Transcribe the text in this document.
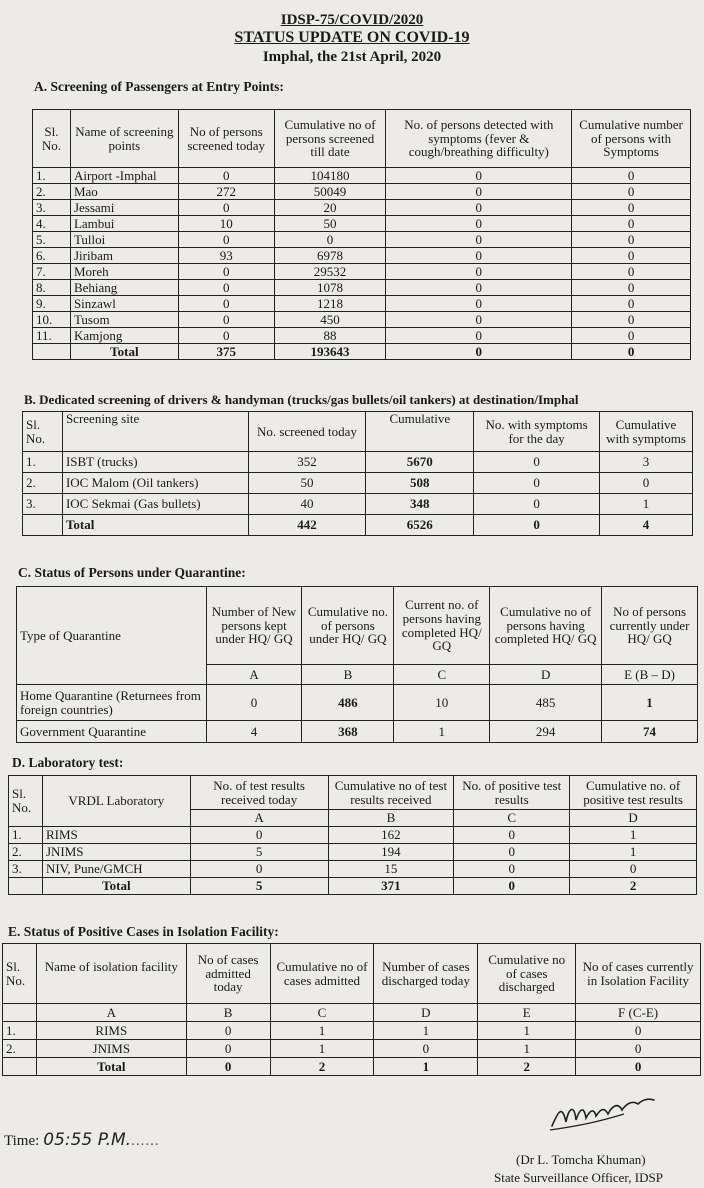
IDSP-75/COVID/2020
STATUS UPDATE ON COVID-19
Imphal, the 21st April, 2020
A. Screening of Passengers at Entry Points:
Sl. No.	Name of screening points	No of persons screened today	Cumulative no of persons screened till date	No. of persons detected with symptoms (fever & cough/breathing difficulty)	Cumulative number of persons with Symptoms
1.	Airport -Imphal	0	104180	0	0
2.	Mao	272	50049	0	0
3.	Jessami	0	20	0	0
4.	Lambui	10	50	0	0
5.	Tulloi	0	0	0	0
6.	Jiribam	93	6978	0	0
7.	Moreh	0	29532	0	0
8.	Behiang	0	1078	0	0
9.	Sinzawl	0	1218	0	0
10.	Tusom	0	450	0	0
11.	Kamjong	0	88	0	0
	Total	375	193643	0	0
B. Dedicated screening of drivers & handyman (trucks/gas bullets/oil tankers) at destination/Imphal
Sl. No.	Screening site	No. screened today	Cumulative	No. with symptoms for the day	Cumulative with symptoms
1.	ISBT (trucks)	352	5670	0	3
2.	IOC Malom (Oil tankers)	50	508	0	0
3.	IOC Sekmai (Gas bullets)	40	348	0	1
	Total	442	6526	0	4
C. Status of Persons under Quarantine:
Type of Quarantine	Number of New persons kept under HQ/ GQ	Cumulative no. of persons under HQ/ GQ	Current no. of persons having completed HQ/ GQ	Cumulative no of persons having completed HQ/ GQ	No of persons currently under HQ/ GQ
	A	B	C	D	E (B – D)
Home Quarantine (Returnees from foreign countries)	0	486	10	485	1
Government Quarantine	4	368	1	294	74
D. Laboratory test:
Sl. No.	VRDL Laboratory	No. of test results received today	Cumulative no of test results received	No. of positive test results	Cumulative no. of positive test results
		A	B	C	D
1.	RIMS	0	162	0	1
2.	JNIMS	5	194	0	1
3.	NIV, Pune/GMCH	0	15	0	0
	Total	5	371	0	2
E. Status of Positive Cases in Isolation Facility:
Sl. No.	Name of isolation facility	No of cases admitted today	Cumulative no of cases admitted	Number of cases discharged today	Cumulative no of cases discharged	No of cases currently in Isolation Facility
	A	B	C	D	E	F (C-E)
1.	RIMS	0	1	1	1	0
2.	JNIMS	0	1	0	1	0
	Total	0	2	1	2	0
Time: 05:55 P.M.......
(Dr L. Tomcha Khuman)
State Surveillance Officer, IDSP
